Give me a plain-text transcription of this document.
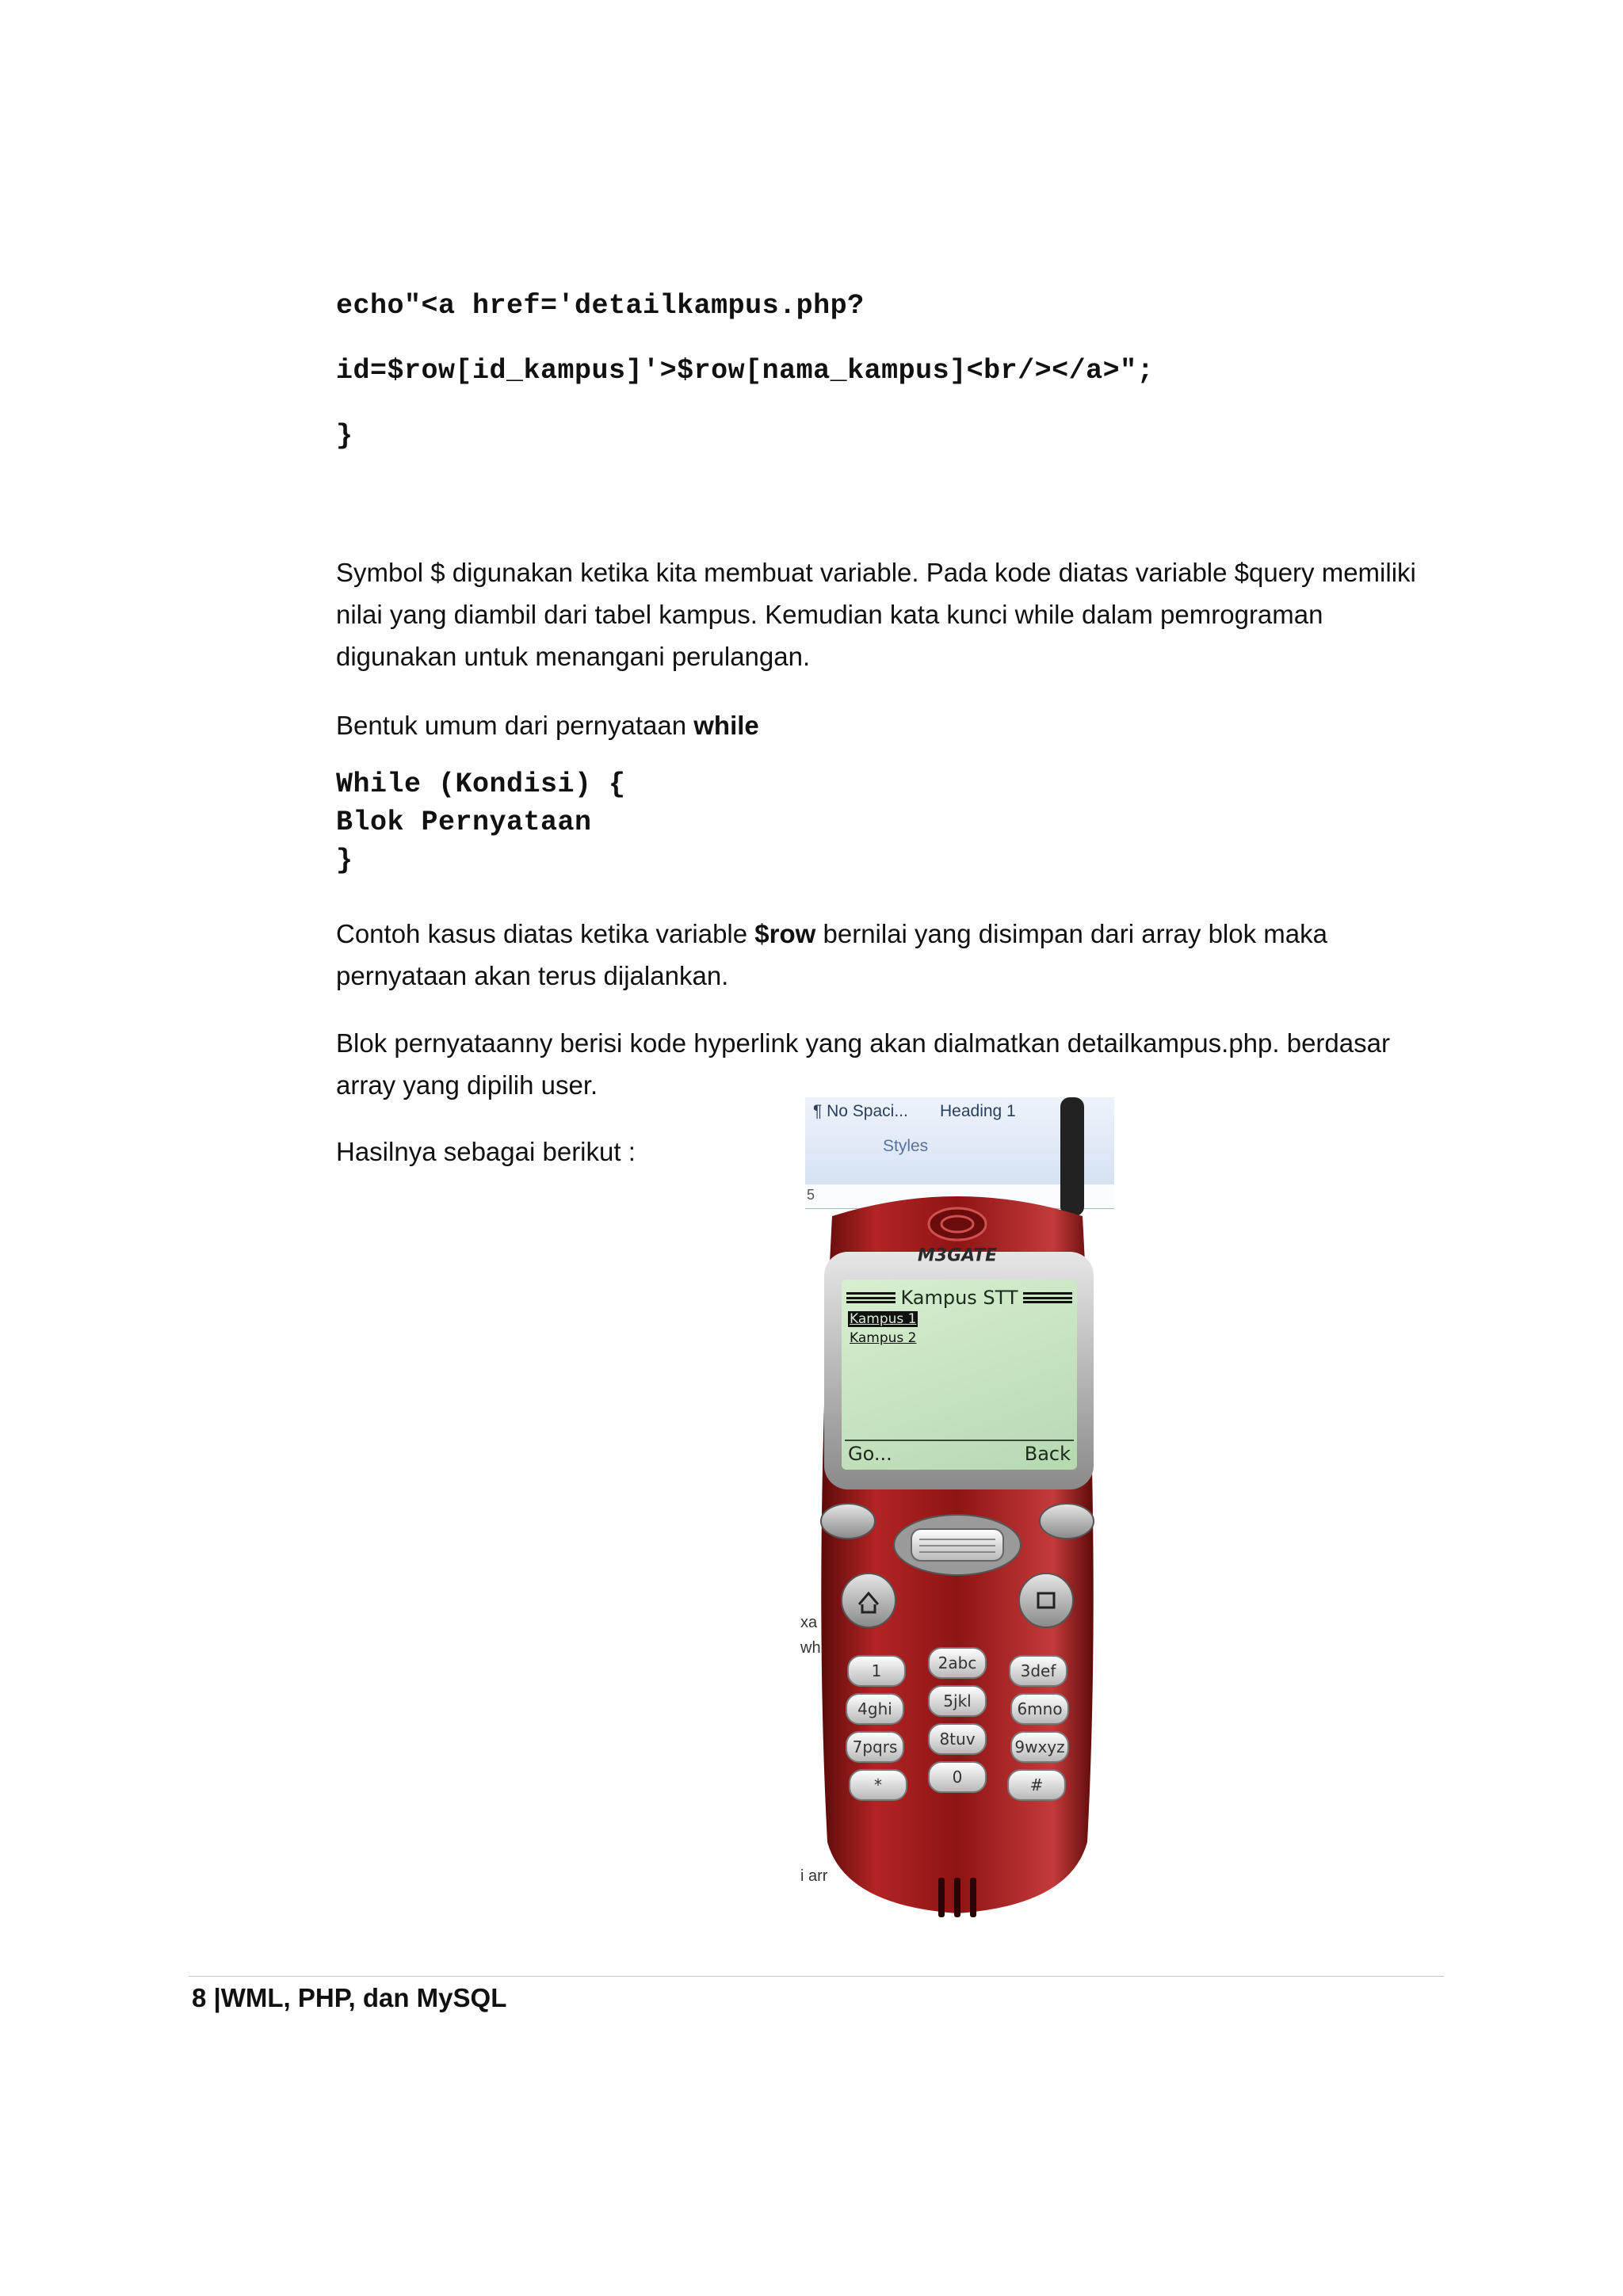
echo"<a href='detailkampus.php?
id=$row[id_kampus]'>$row[nama_kampus]<br/></a>";
}
Symbol $ digunakan ketika kita membuat variable. Pada kode diatas variable $query memiliki nilai yang diambil dari tabel kampus. Kemudian kata kunci while dalam pemrograman digunakan untuk menangani perulangan.
Bentuk umum dari pernyataan while
While (Kondisi) {
Blok Pernyataan
}
Contoh kasus diatas ketika variable $row bernilai yang disimpan dari array blok maka pernyataan akan terus dijalankan.
Blok pernyataanny berisi kode hyperlink yang akan dialmatkan detailkampus.php. berdasar array yang dipilih user.
Hasilnya sebagai berikut :
¶ No Spaci... Heading 1
Styles
5
xa
wh
i arr
M3GATE
Kampus STT
Kampus 1
Kampus 2
Go...	Back
1	2abc	3def
4ghi	5jkl	6mno
7pqrs	8tuv 9wxyz
*	0	#
8 |WML, PHP, dan MySQL
